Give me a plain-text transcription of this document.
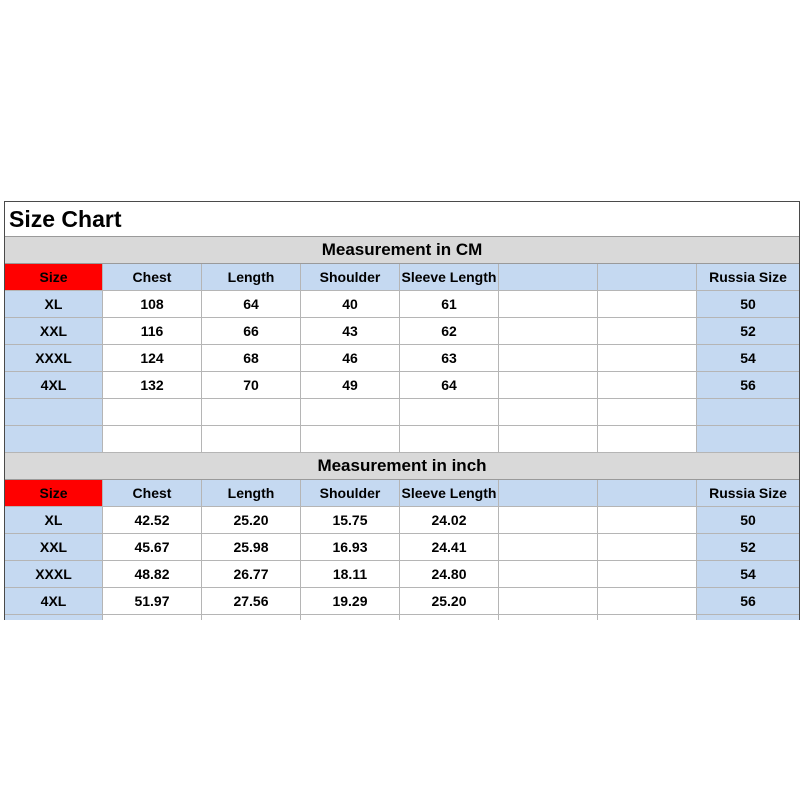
Size Chart
Measurement in CM
Size	Chest	Length	Shoulder	Sleeve Length	Russia Size
XL	108	64	40	61	50
XXL	116	66	43	62	52
XXXL	124	68	46	63	54
4XL	132	70	49	64	56
Measurement in inch
Size	Chest	Length	Shoulder	Sleeve Length	Russia Size
XL	42.52	25.20	15.75	24.02	50
XXL	45.67	25.98	16.93	24.41	52
XXXL	48.82	26.77	18.11	24.80	54
4XL	51.97	27.56	19.29	25.20	56
